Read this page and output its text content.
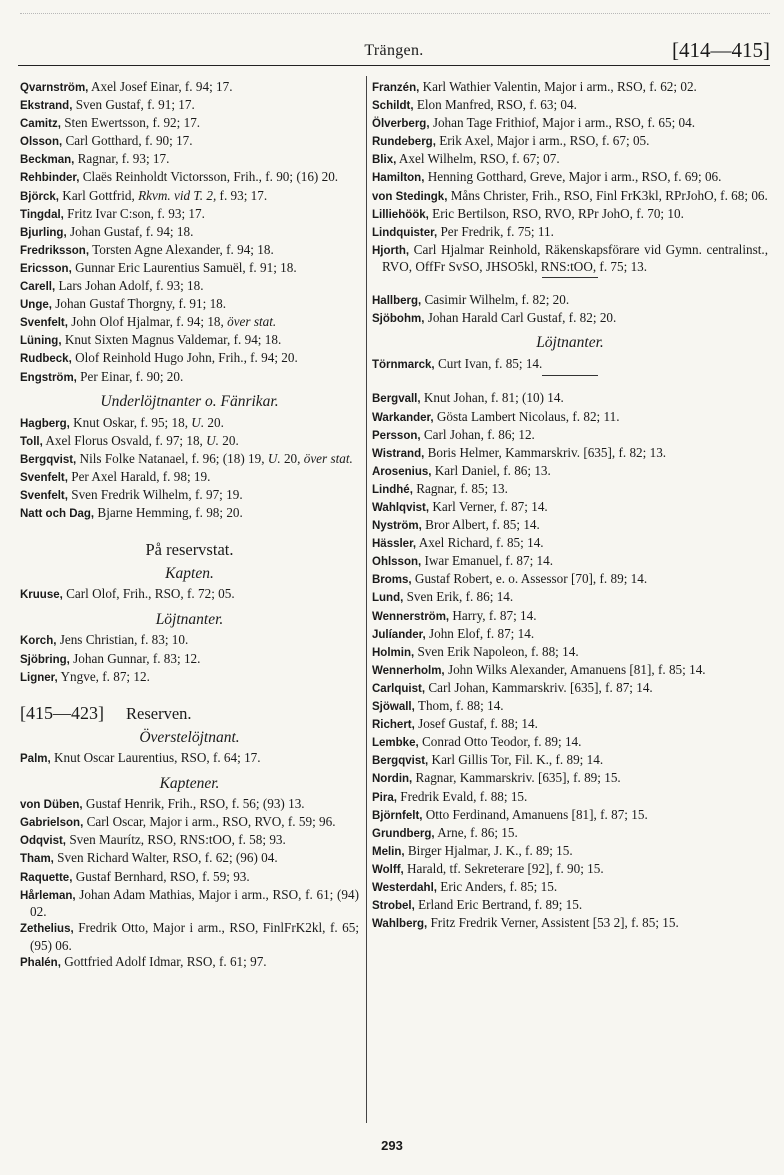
Trängen.	[414—415]
Qvarnström, Axel Josef Einar, f. 94; 17.
Ekstrand, Sven Gustaf, f. 91; 17.
Camitz, Sten Ewertsson, f. 92; 17.
Olsson, Carl Gotthard, f. 90; 17.
Beckman, Ragnar, f. 93; 17.
Rehbinder, Claës Reinholdt Victorsson, Frih., f. 90; (16) 20.
Björck, Karl Gottfrid, Rkvm. vid T. 2, f. 93; 17.
Tingdal, Fritz Ivar C:son, f. 93; 17.
Bjurling, Johan Gustaf, f. 94; 18.
Fredriksson, Torsten Agne Alexander, f. 94; 18.
Ericsson, Gunnar Eric Laurentius Samuël, f. 91; 18.
Carell, Lars Johan Adolf, f. 93; 18.
Unge, Johan Gustaf Thorgny, f. 91; 18.
Svenfelt, John Olof Hjalmar, f. 94; 18, över stat.
Lüning, Knut Sixten Magnus Valdemar, f. 94; 18.
Rudbeck, Olof Reinhold Hugo John, Frih., f. 94; 20.
Engström, Per Einar, f. 90; 20.
Underlöjtnanter o. Fänrikar.
Hagberg, Knut Oskar, f. 95; 18, U. 20.
Toll, Axel Florus Osvald, f. 97; 18, U. 20.
Bergqvist, Nils Folke Natanael, f. 96; (18) 19, U. 20, över stat.
Svenfelt, Per Axel Harald, f. 98; 19.
Svenfelt, Sven Fredrik Wilhelm, f. 97; 19.
Natt och Dag, Bjarne Hemming, f. 98; 20.
På reservstat.
Kapten.
Kruuse, Carl Olof, Frih., RSO, f. 72; 05.
Löjtnanter.
Korch, Jens Christian, f. 83; 10.
Sjöbring, Johan Gunnar, f. 83; 12.
Ligner, Yngve, f. 87; 12.
[415—423] Reserven.
Överstelöjtnant.
Palm, Knut Oscar Laurentius, RSO, f. 64; 17.
Kaptener.
von Düben, Gustaf Henrik, Frih., RSO, f. 56; (93) 13.
Gabrielson, Carl Oscar, Major i arm., RSO, RVO, f. 59; 96.
Odqvist, Sven Maurítz, RSO, RNS:tOO, f. 58; 93.
Tham, Sven Richard Walter, RSO, f. 62; (96) 04.
Raquette, Gustaf Bernhard, RSO, f. 59; 93.
Hårleman, Johan Adam Mathias, Major i arm., RSO, f. 61; (94) 02.
Zethelius, Fredrik Otto, Major i arm., RSO, FinlFrK2kl, f. 65; (95) 06.
Phalén, Gottfried Adolf Idmar, RSO, f. 61; 97.
Franzén, Karl Wathier Valentin, Major i arm., RSO, f. 62; 02.
Schildt, Elon Manfred, RSO, f. 63; 04.
Ölverberg, Johan Tage Frithiof, Major i arm., RSO, f. 65; 04.
Rundeberg, Erik Axel, Major i arm., RSO, f. 67; 05.
Blix, Axel Wilhelm, RSO, f. 67; 07.
Hamilton, Henning Gotthard, Greve, Major i arm., RSO, f. 69; 06.
von Stedingk, Måns Christer, Frih., RSO, Finl FrK3kl, RPrJohO, f. 68; 06.
Lilliehöök, Eric Bertilson, RSO, RVO, RPr JohO, f. 70; 10.
Lindquister, Per Fredrik, f. 75; 11.
Hjorth, Carl Hjalmar Reinhold, Räkenskapsförare vid Gymn. centralinst., RVO, OffFr SvSO, JHSO5kl, RNS:tOO, f. 75; 13.
Hallberg, Casimir Wilhelm, f. 82; 20.
Sjöbohm, Johan Harald Carl Gustaf, f. 82; 20.
Löjtnanter.
Törnmarck, Curt Ivan, f. 85; 14.
Bergvall, Knut Johan, f. 81; (10) 14.
Warkander, Gösta Lambert Nicolaus, f. 82; 11.
Persson, Carl Johan, f. 86; 12.
Wistrand, Boris Helmer, Kammarskriv. [635], f. 82; 13.
Arosenius, Karl Daniel, f. 86; 13.
Lindhé, Ragnar, f. 85; 13.
Wahlqvist, Karl Verner, f. 87; 14.
Nyström, Bror Albert, f. 85; 14.
Hässler, Axel Richard, f. 85; 14.
Ohlsson, Iwar Emanuel, f. 87; 14.
Broms, Gustaf Robert, e. o. Assessor [70], f. 89; 14.
Lund, Sven Erik, f. 86; 14.
Wennerström, Harry, f. 87; 14.
Julíander, John Elof, f. 87; 14.
Holmin, Sven Erik Napoleon, f. 88; 14.
Wennerholm, John Wilks Alexander, Amanuens [81], f. 85; 14.
Carlquist, Carl Johan, Kammarskriv. [635], f. 87; 14.
Sjöwall, Thom, f. 88; 14.
Richert, Josef Gustaf, f. 88; 14.
Lembke, Conrad Otto Teodor, f. 89; 14.
Bergqvist, Karl Gillis Tor, Fil. K., f. 89; 14.
Nordin, Ragnar, Kammarskriv. [635], f. 89; 15.
Pira, Fredrik Evald, f. 88; 15.
Björnfelt, Otto Ferdinand, Amanuens [81], f. 87; 15.
Grundberg, Arne, f. 86; 15.
Melin, Birger Hjalmar, J. K., f. 89; 15.
Wolff, Harald, tf. Sekreterare [92], f. 90; 15.
Westerdahl, Eric Anders, f. 85; 15.
Strobel, Erland Eric Bertrand, f. 89; 15.
Wahlberg, Fritz Fredrik Verner, Assistent [53 2], f. 85; 15.
293
